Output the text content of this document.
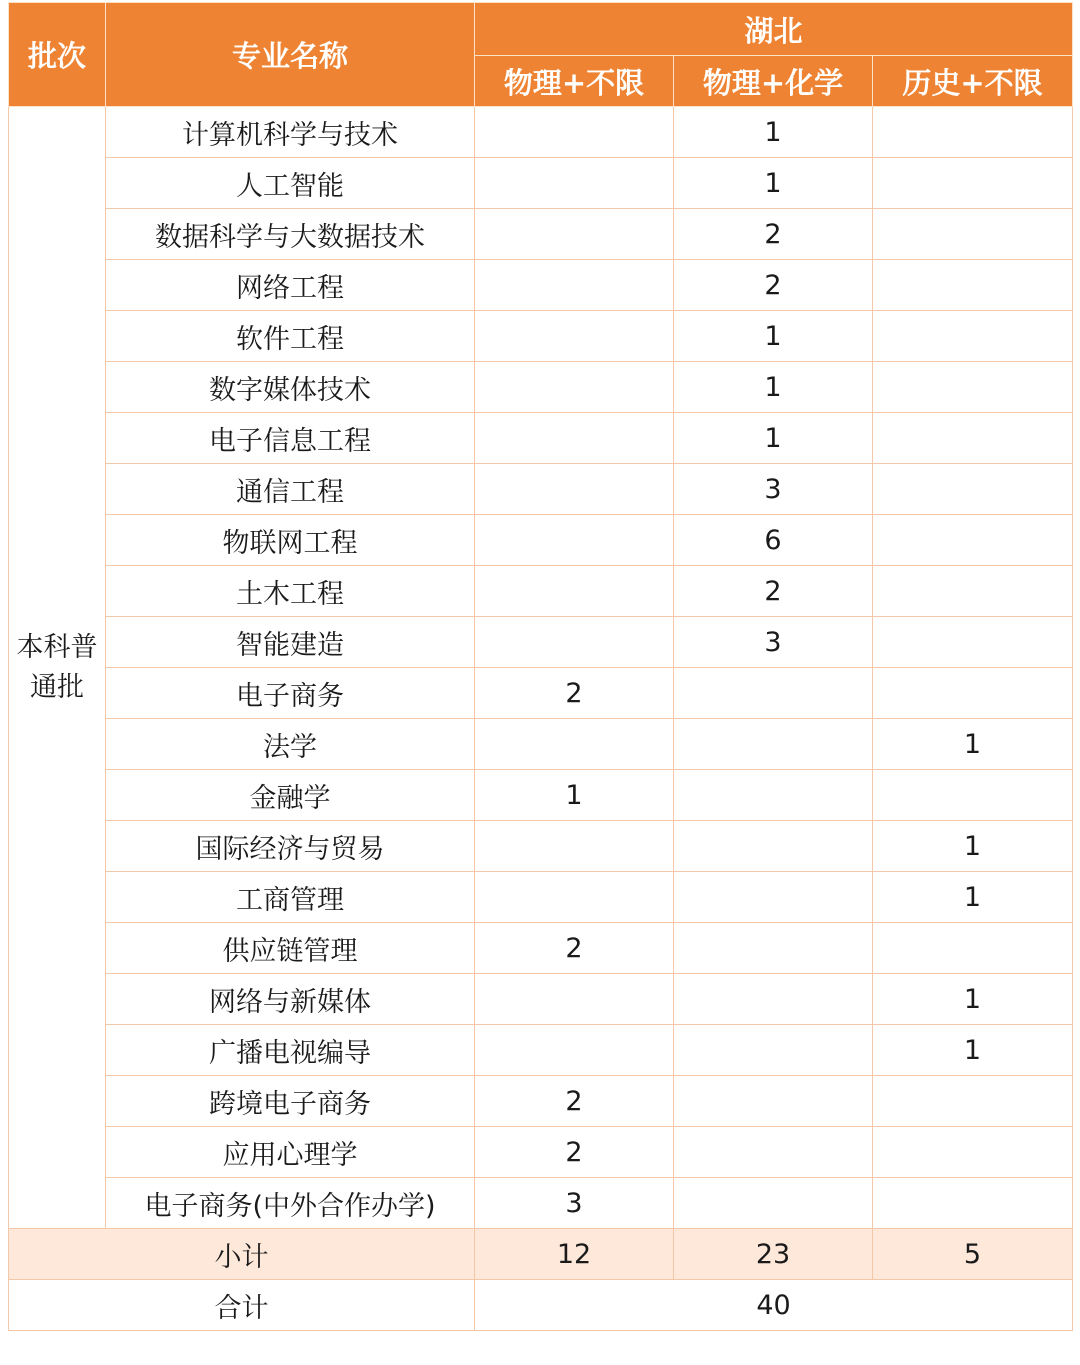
批次	专业名称	湖北		
		物理+不限	物理+化学	历史+不限

本科普通批	计算机科学与技术		1	
	人工智能		1	
	数据科学与大数据技术		2	
	网络工程		2	
	软件工程		1	
	数字媒体技术		1	
	电子信息工程		1	
	通信工程		3	
	物联网工程		6	
	土木工程		2	
	智能建造		3	
	电子商务	2		
	法学			1
	金融学	1		
	国际经济与贸易			1
	工商管理			1
	供应链管理	2		
	网络与新媒体			1
	广播电视编导			1
	跨境电子商务	2		
	应用心理学	2		
	电子商务(中外合作办学)	3		
小计		12	23	5
合计		40		
